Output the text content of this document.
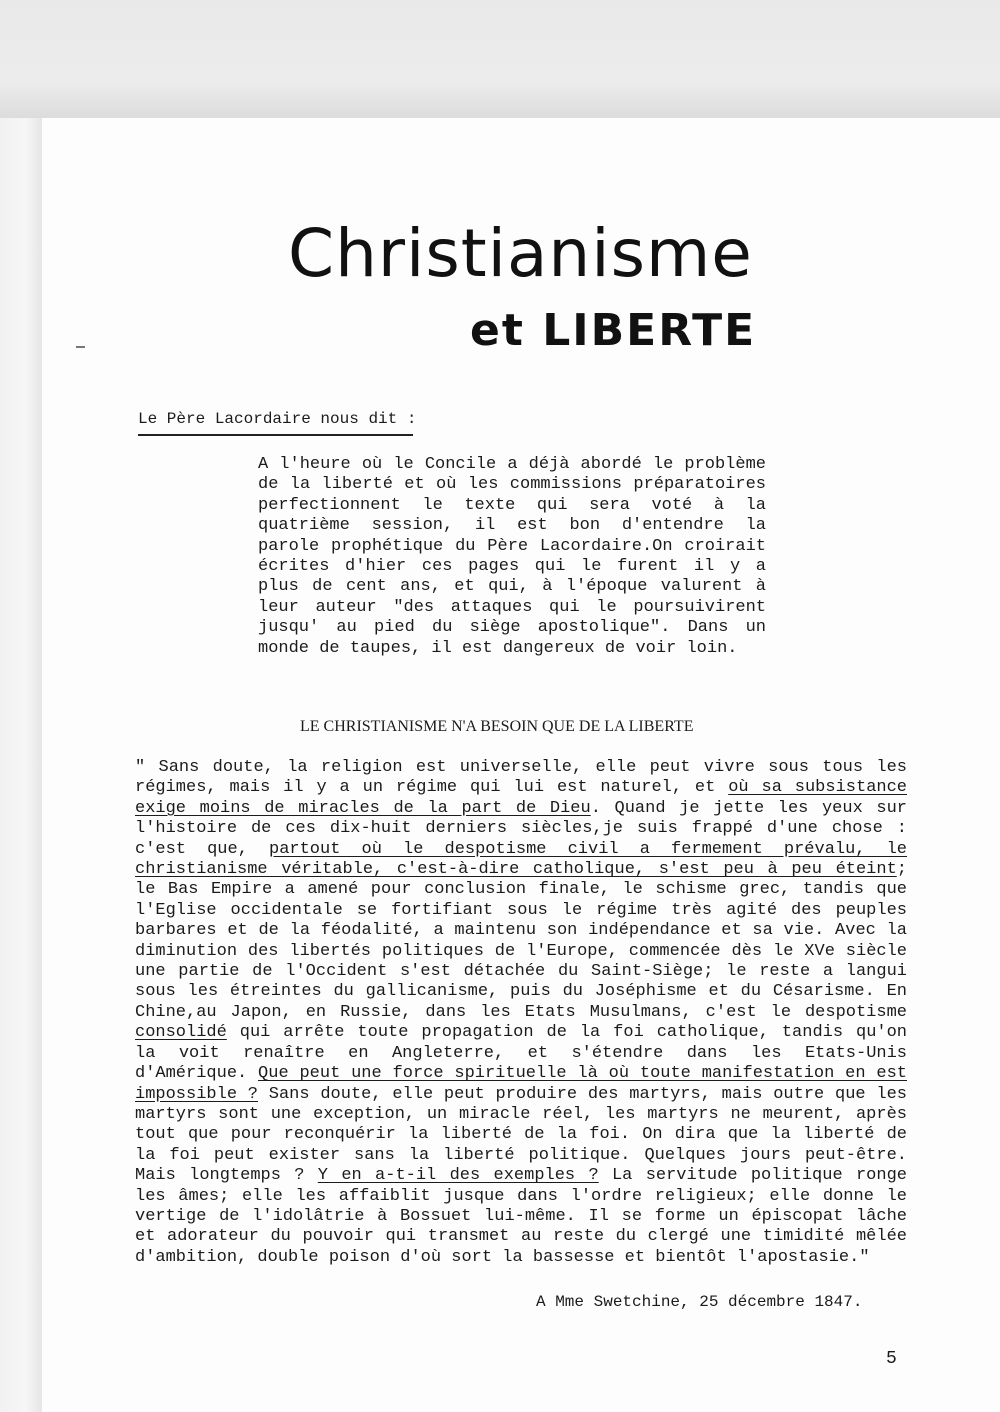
Christianisme
et LIBERTE
Le Père Lacordaire nous dit :
A l'heure où le Concile a déjà abordé le problème de la liberté et où les commissions préparatoires perfectionnent le texte qui sera voté à la quatrième session, il est bon d'entendre la parole prophétique du Père Lacordaire.On croirait écrites d'hier ces pages qui le furent il y a plus de cent ans, et qui, à l'époque valurent à leur auteur "des attaques qui le poursuivirent jusqu' au pied du siège apostolique". Dans un monde de taupes, il est dangereux de voir loin.
LE CHRISTIANISME N'A BESOIN QUE DE LA LIBERTE
" Sans doute, la religion est universelle, elle peut vivre sous tous les régimes, mais il y a un régime qui lui est naturel, et où sa subsistance exige moins de miracles de la part de Dieu. Quand je jette les yeux sur l'histoire de ces dix-huit derniers siècles,je suis frappé d'une chose : c'est que, partout où le despotisme civil a fermement prévalu, le christianisme véritable, c'est-à-dire catholique, s'est peu à peu éteint; le Bas Empire a amené pour conclusion finale, le schisme grec, tandis que l'Eglise occidentale se fortifiant sous le régime très agité des peuples barbares et de la féodalité, a maintenu son indépendance et sa vie. Avec la diminution des libertés politiques de l'Europe, commencée dès le XVe siècle une partie de l'Occident s'est détachée du Saint-Siège; le reste a langui sous les étreintes du gallicanisme, puis du Joséphisme et du Césarisme. En Chine,au Japon, en Russie, dans les Etats Musulmans, c'est le despotisme consolidé qui arrête toute propagation de la foi catholique, tandis qu'on la voit renaître en Angleterre, et s'étendre dans les Etats-Unis d'Amérique. Que peut une force spirituelle là où toute manifestation en est impossible ? Sans doute, elle peut produire des martyrs, mais outre que les martyrs sont une exception, un miracle réel, les martyrs ne meurent, après tout que pour reconquérir la liberté de la foi. On dira que la liberté de la foi peut exister sans la liberté politique. Quelques jours peut-être. Mais longtemps ? Y en a-t-il des exemples ? La servitude politique ronge les âmes; elle les affaiblit jusque dans l'ordre religieux; elle donne le vertige de l'idolâtrie à Bossuet lui-même. Il se forme un épiscopat lâche et adorateur du pouvoir qui transmet au reste du clergé une timidité mêlée d'ambition, double poison d'où sort la bassesse et bientôt l'apostasie."
A Mme Swetchine, 25 décembre 1847.
5
